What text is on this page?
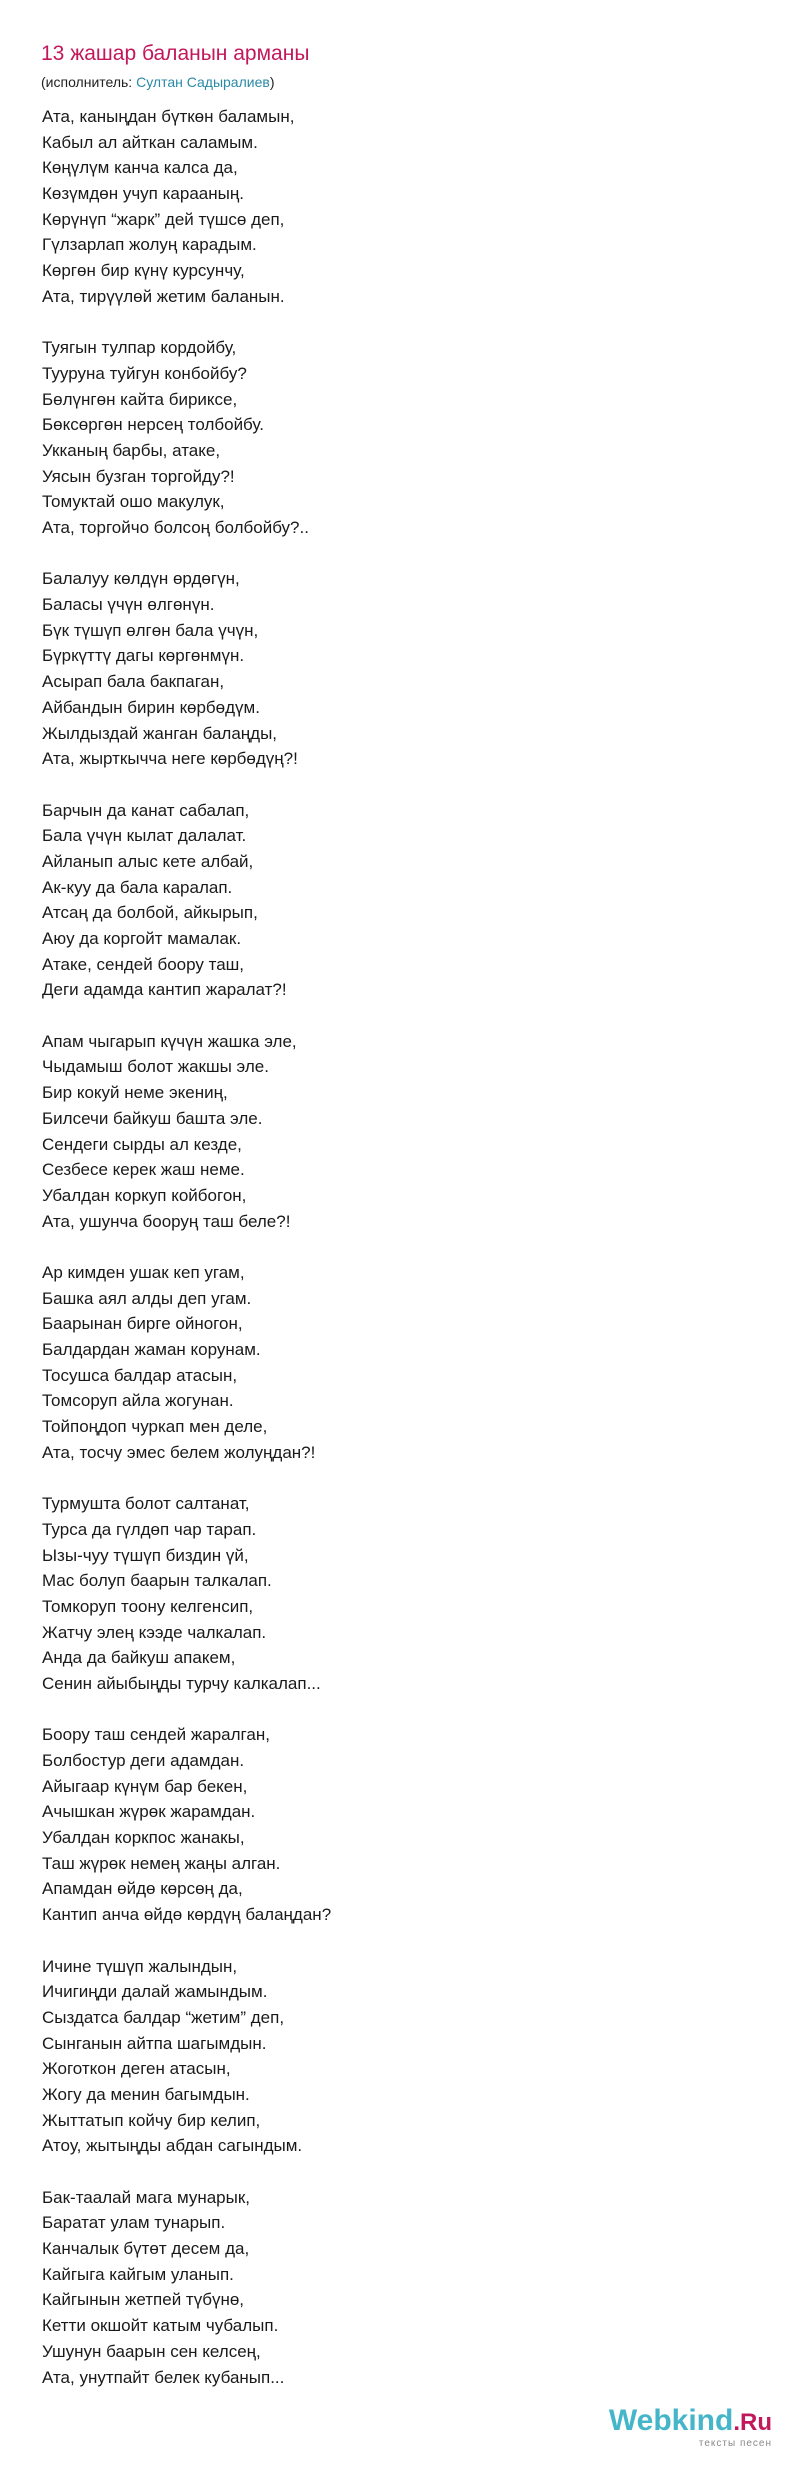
13 жашар баланын арманы
(исполнитель: Султан Садыралиев)
Ата, каныңдан бүткөн баламын,
Кабыл ал айткан саламым.
Көңүлүм канча калса да,
Көзүмдөн учуп карааның.
Көрүнүп “жарк” дей түшсө деп,
Гүлзарлап жолуң карадым.
Көргөн бир күнү курсунчу,
Ата, тирүүлөй жетим баланын.
Туягын тулпар кордойбу,
Тууруна туйгун конбойбу?
Бөлүнгөн кайта бириксе,
Бөксөргөн нерсең толбойбу.
Укканың барбы, атаке,
Уясын бузган торгойду?!
Томуктай ошо макулук,
Ата, торгойчо болсоң болбойбу?..
Балалуу көлдүн өрдөгүн,
Баласы үчүн өлгөнүн.
Бүк түшүп өлгөн бала үчүн,
Бүркүттү дагы көргөнмүн.
Асырап бала бакпаган,
Айбандын бирин көрбөдүм.
Жылдыздай жанган балаңды,
Ата, жырткычча неге көрбөдүң?!
Барчын да канат сабалап,
Бала үчүн кылат далалат.
Айланып алыс кете албай,
Ак-куу да бала каралап.
Атсаң да болбой, айкырып,
Аюу да коргойт мамалак.
Атаке, сендей боору таш,
Деги адамда кантип жаралат?!
Апам чыгарып күчүн жашка эле,
Чыдамыш болот жакшы эле.
Бир кокуй неме экениң,
Билсечи байкуш башта эле.
Сендеги сырды ал кезде,
Сезбесе керек жаш неме.
Убалдан коркуп койбогон,
Ата, ушунча бооруң таш беле?!
Ар кимден ушак кеп угам,
Башка аял алды деп угам.
Баарынан бирге ойногон,
Балдардан жаман корунам.
Тосушса балдар атасын,
Томсоруп айла жогунан.
Тойпоңдоп чуркап мен деле,
Ата, тосчу эмес белем жолуңдан?!
Турмушта болот салтанат,
Турса да гүлдөп чар тарап.
Ызы-чуу түшүп биздин үй,
Мас болуп баарын талкалап.
Томкоруп тоону келгенсип,
Жатчу элең кээде чалкалап.
Анда да байкуш апакем,
Сенин айыбыңды турчу калкалап...
Боору таш сендей жаралган,
Болбостур деги адамдан.
Айыгаар күнүм бар бекен,
Ачышкан жүрөк жарамдан.
Убалдан коркпос жанакы,
Таш жүрөк немең жаңы алган.
Апамдан өйдө көрсөң да,
Кантип анча өйдө көрдүң балаңдан?
Ичине түшүп жалындын,
Ичигиңди далай жамындым.
Сыздатса балдар “жетим” деп,
Сынганын айтпа шагымдын.
Жоготкон деген атасын,
Жогу да менин багымдын.
Жыттатып койчу бир келип,
Атоу, жытыңды абдан сагындым.
Бак-таалай мага мунарык,
Бaратат улам тунарып.
Канчалык бүтөт десем да,
Кайгыга кайгым уланып.
Кайгынын жетпей түбүнө,
Кетти окшойт катым чубалып.
Ушунун баарын сен келсең,
Ата, унутпайт белек кубанып...
Webkind.Ru
тексты песен
